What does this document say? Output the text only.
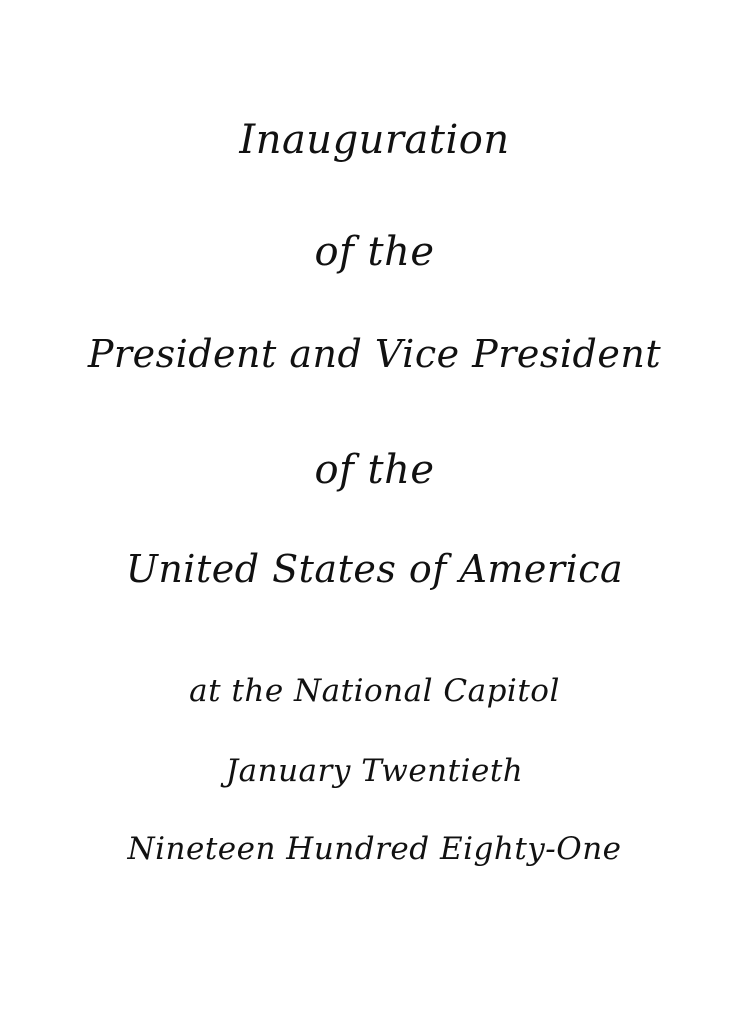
Inauguration
of the
President and Vice President
of the
United States of America
at the National Capitol
January Twentieth
Nineteen Hundred Eighty-One
